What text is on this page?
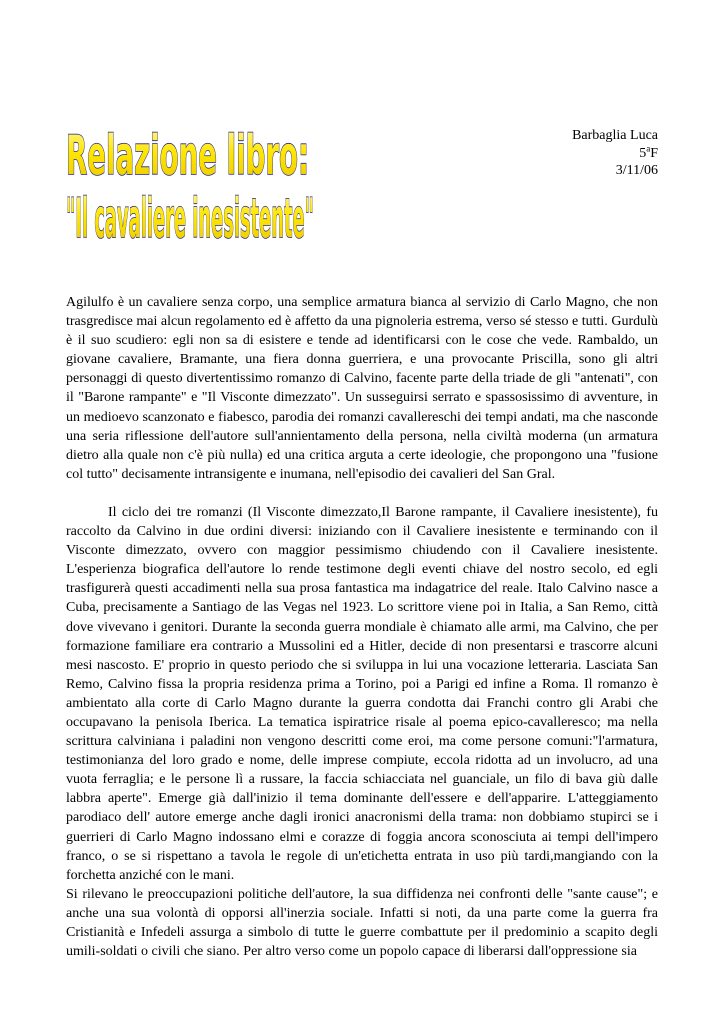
Relazione libro:
"Il cavaliere inesistente"
Barbaglia Luca
5$^a$F
3/11/06

Agilulfo è un cavaliere senza corpo, una semplice armatura bianca al servizio di Carlo Magno, che non trasgredisce mai alcun regolamento ed è affetto da una pignoleria estrema, verso sé stesso e tutti. Gurdulù è il suo scudiero: egli non sa di esistere e tende ad identificarsi con le cose che vede. Rambaldo, un giovane cavaliere, Bramante, una fiera donna guerriera, e una provocante Priscilla, sono gli altri personaggi di questo divertentissimo romanzo di Calvino, facente parte della triade de gli "antenati", con il "Barone rampante" e "Il Visconte dimezzato". Un susseguirsi serrato e spassosissimo di avventure, in un medioevo scanzonato e fiabesco, parodia dei romanzi cavallereschi dei tempi andati, ma che nasconde una seria riflessione dell'autore sull'annientamento della persona, nella civiltà moderna (un armatura dietro alla quale non c'è più nulla) ed una critica arguta a certe ideologie, che propongono una "fusione col tutto" decisamente intransigente e inumana, nell'episodio dei cavalieri del San Gral.

Il ciclo dei tre romanzi (Il Visconte dimezzato,Il Barone rampante, il Cavaliere inesistente), fu raccolto da Calvino in due ordini diversi: iniziando con il Cavaliere inesistente e terminando con il Visconte dimezzato, ovvero con maggior pessimismo chiudendo con il Cavaliere inesistente. L'esperienza biografica dell'autore lo rende testimone degli eventi chiave del nostro secolo, ed egli trasfigurerà questi accadimenti nella sua prosa fantastica ma indagatrice del reale. Italo Calvino nasce a Cuba, precisamente a Santiago de las Vegas nel 1923. Lo scrittore viene poi in Italia, a San Remo, città dove vivevano i genitori. Durante la seconda guerra mondiale è chiamato alle armi, ma Calvino, che per formazione familiare era contrario a Mussolini ed a Hitler, decide di non presentarsi e trascorre alcuni mesi nascosto. E' proprio in questo periodo che si sviluppa in lui una vocazione letteraria. Lasciata San Remo, Calvino fissa la propria residenza prima a Torino, poi a Parigi ed infine a Roma. Il romanzo è ambientato alla corte di Carlo Magno durante la guerra condotta dai Franchi contro gli Arabi che occupavano la penisola Iberica. La tematica ispiratrice risale al poema epico-cavalleresco; ma nella scrittura calviniana i paladini non vengono descritti come eroi, ma come persone comuni:"l'armatura, testimonianza del loro grado e nome, delle imprese compiute, eccola ridotta ad un involucro, ad una vuota ferraglia; e le persone lì a russare, la faccia schiacciata nel guanciale, un filo di bava giù dalle labbra aperte". Emerge già dall'inizio il tema dominante dell'essere e dell'apparire. L'atteggiamento parodiaco dell' autore emerge anche dagli ironici anacronismi della trama: non dobbiamo stupirci se i guerrieri di Carlo Magno indossano elmi e corazze di foggia ancora sconosciuta ai tempi dell'impero franco, o se si rispettano a tavola le regole di un'etichetta entrata in uso più tardi,mangiando con la forchetta anziché con le mani.

Si rilevano le preoccupazioni politiche dell'autore, la sua diffidenza nei confronti delle "sante cause"; e anche una sua volontà di opporsi all'inerzia sociale. Infatti si noti, da una parte come la guerra fra Cristianità e Infedeli assurga a simbolo di tutte le guerre combattute per il predominio a scapito degli umili-soldati o civili che siano. Per altro verso come un popolo capace di liberarsi dall'oppressione sia
